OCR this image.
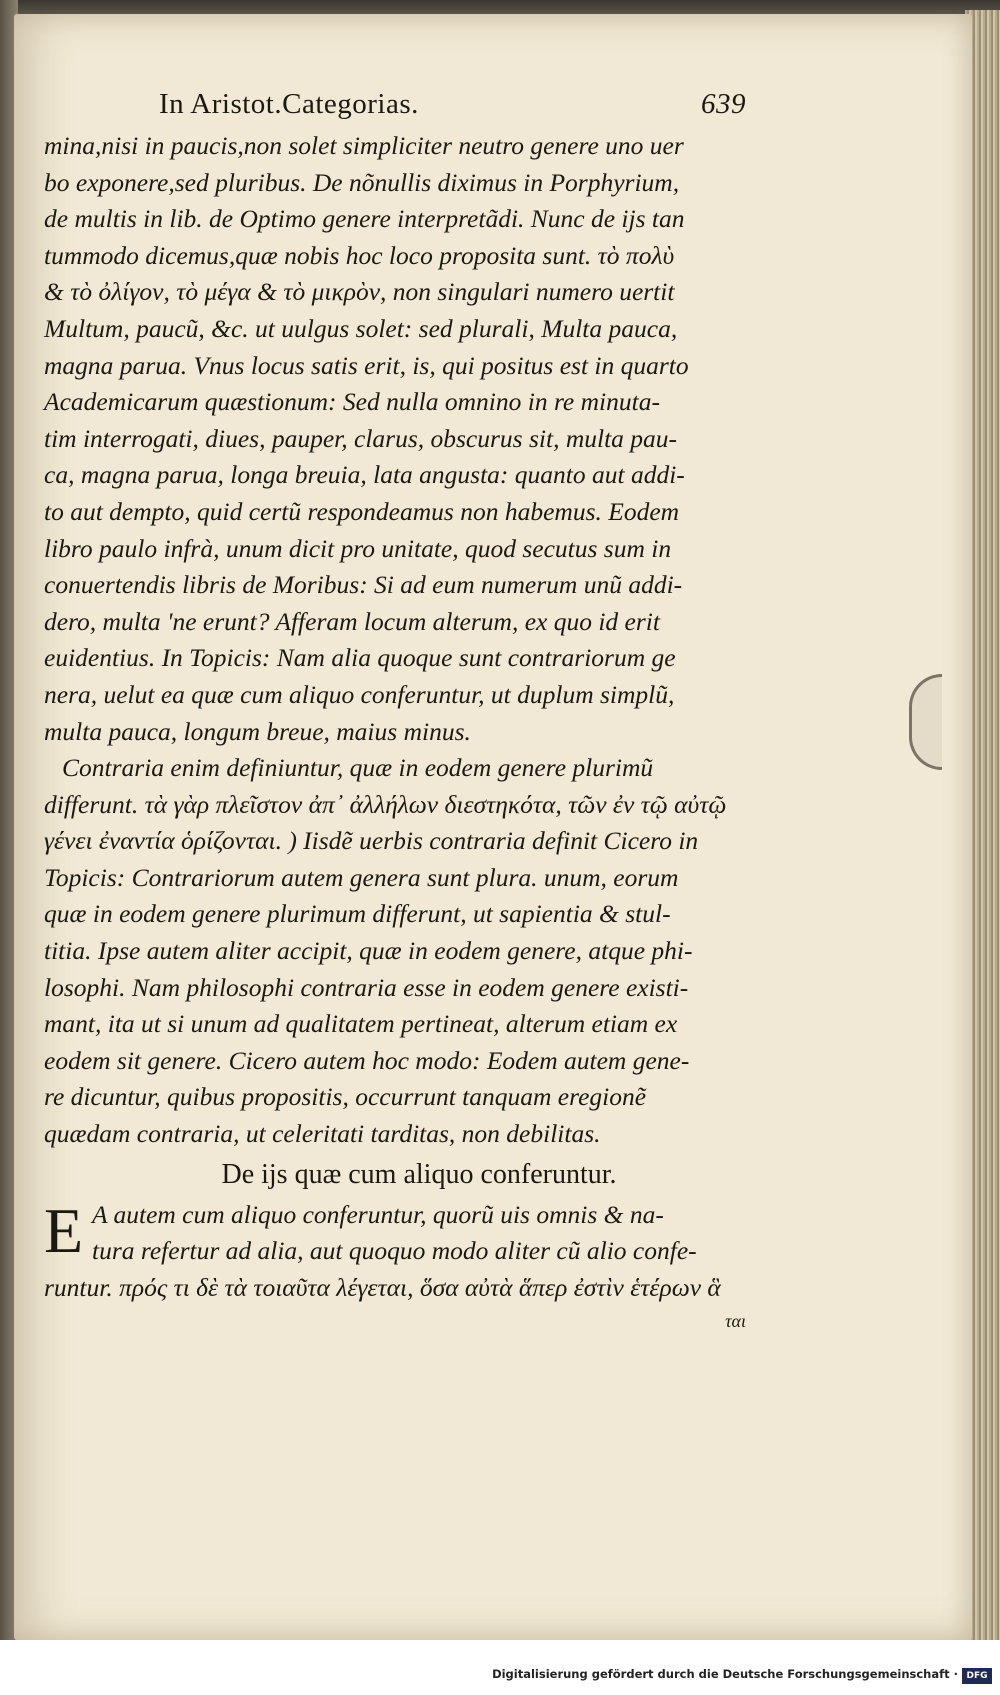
In Aristot.Categorias.	639
mina,nisi in paucis,non solet simpliciter neutro genere uno uer
bo exponere,sed pluribus. De nõnullis diximus in Porphyrium,
de multis in lib. de Optimo genere interpretãdi. Nunc de ijs tan
tummodo dicemus,quæ nobis hoc loco proposita sunt. τὸ πολὺ
& τὸ ὀλίγον, τὸ μέγα & τὸ μικρὸν, non singulari numero uertit
Multum, paucũ, &c. ut uulgus solet: sed plurali, Multa pauca,
magna parua. Vnus locus satis erit, is, qui positus est in quarto
Academicarum quæstionum: Sed nulla omnino in re minuta-
tim interrogati, diues, pauper, clarus, obscurus sit, multa pau-
ca, magna parua, longa breuia, lata angusta: quanto aut addi-
to aut dempto, quid certũ respondeamus non habemus. Eodem
libro paulo infrà, unum dicit pro unitate, quod secutus sum in
conuertendis libris de Moribus: Si ad eum numerum unũ addi-
dero, multa 'ne erunt? Afferam locum alterum, ex quo id erit
euidentius. In Topicis: Nam alia quoque sunt contrariorum ge
nera, uelut ea quæ cum aliquo conferuntur, ut duplum simplũ,
multa pauca, longum breue, maius minus.
Contraria enim definiuntur, quæ in eodem genere plurimũ
differunt. τὰ γὰρ πλεῖστον ἀπ᾽ ἀλλήλων διεστηκότα, τῶν ἐν τῷ αὐτῷ
γένει ἐναντία ὁρίζονται. ) Iisdẽ uerbis contraria definit Cicero in
Topicis: Contrariorum autem genera sunt plura. unum, eorum
quæ in eodem genere plurimum differunt, ut sapientia & stul-
titia. Ipse autem aliter accipit, quæ in eodem genere, atque phi-
losophi. Nam philosophi contraria esse in eodem genere existi-
mant, ita ut si unum ad qualitatem pertineat, alterum etiam ex
eodem sit genere. Cicero autem hoc modo: Eodem autem gene-
re dicuntur, quibus propositis, occurrunt tanquam eregionẽ
quædam contraria, ut celeritati tarditas, non debilitas.
De ijs quæ cum aliquo conferuntur.
E A autem cum aliquo conferuntur, quorũ uis omnis & na-
tura refertur ad alia, aut quoquo modo aliter cũ alio confe-
runtur. πρός τι δὲ τὰ τοιαῦτα λέγεται, ὅσα αὐτὰ ἅπερ ἐστὶν ἑτέρων ἃ
ται
Digitalisierung gefördert durch die Deutsche Forschungsgemeinschaft · DFG
